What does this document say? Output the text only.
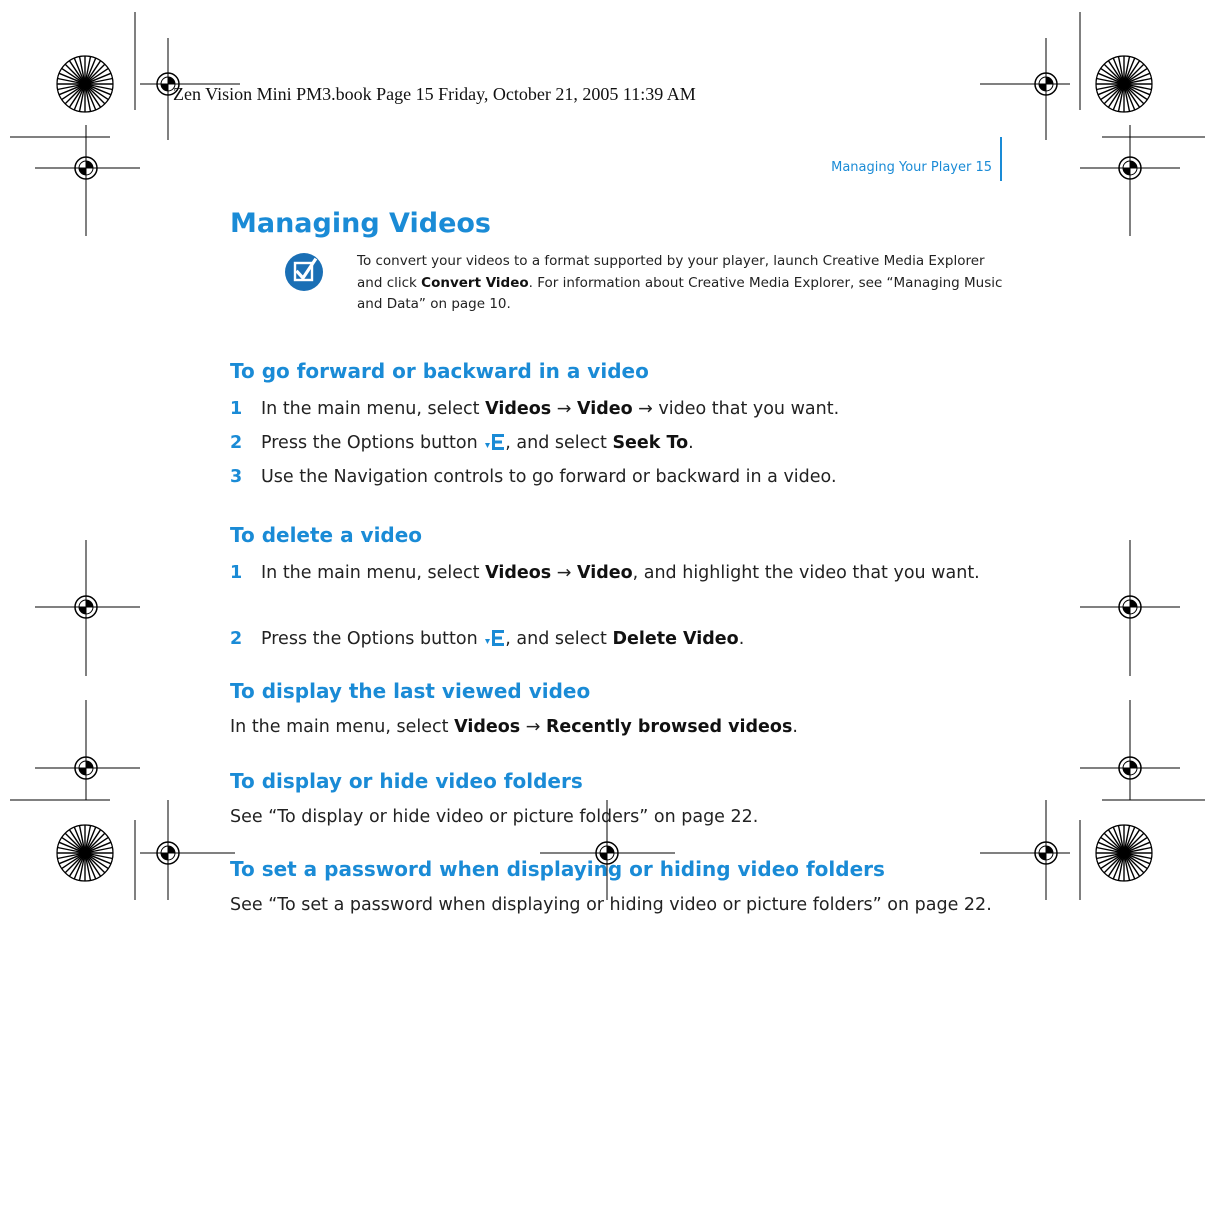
Zen Vision Mini PM3.book Page 15 Friday, October 21, 2005 11:39 AM
Managing Your Player 15
Managing Videos
To convert your videos to a format supported by your player, launch Creative Media Explorer and click Convert Video. For information about Creative Media Explorer, see “Managing Music and Data” on page 10.
To go forward or backward in a video
1 In the main menu, select Videos → Video → video that you want.
2 Press the Options button , and select Seek To.
3 Use the Navigation controls to go forward or backward in a video.
To delete a video
1 In the main menu, select Videos → Video, and highlight the video that you want.
2 Press the Options button , and select Delete Video.
To display the last viewed video
In the main menu, select Videos → Recently browsed videos.
To display or hide video folders
See “To display or hide video or picture folders” on page 22.
To set a password when displaying or hiding video folders
See “To set a password when displaying or hiding video or picture folders” on page 22.
